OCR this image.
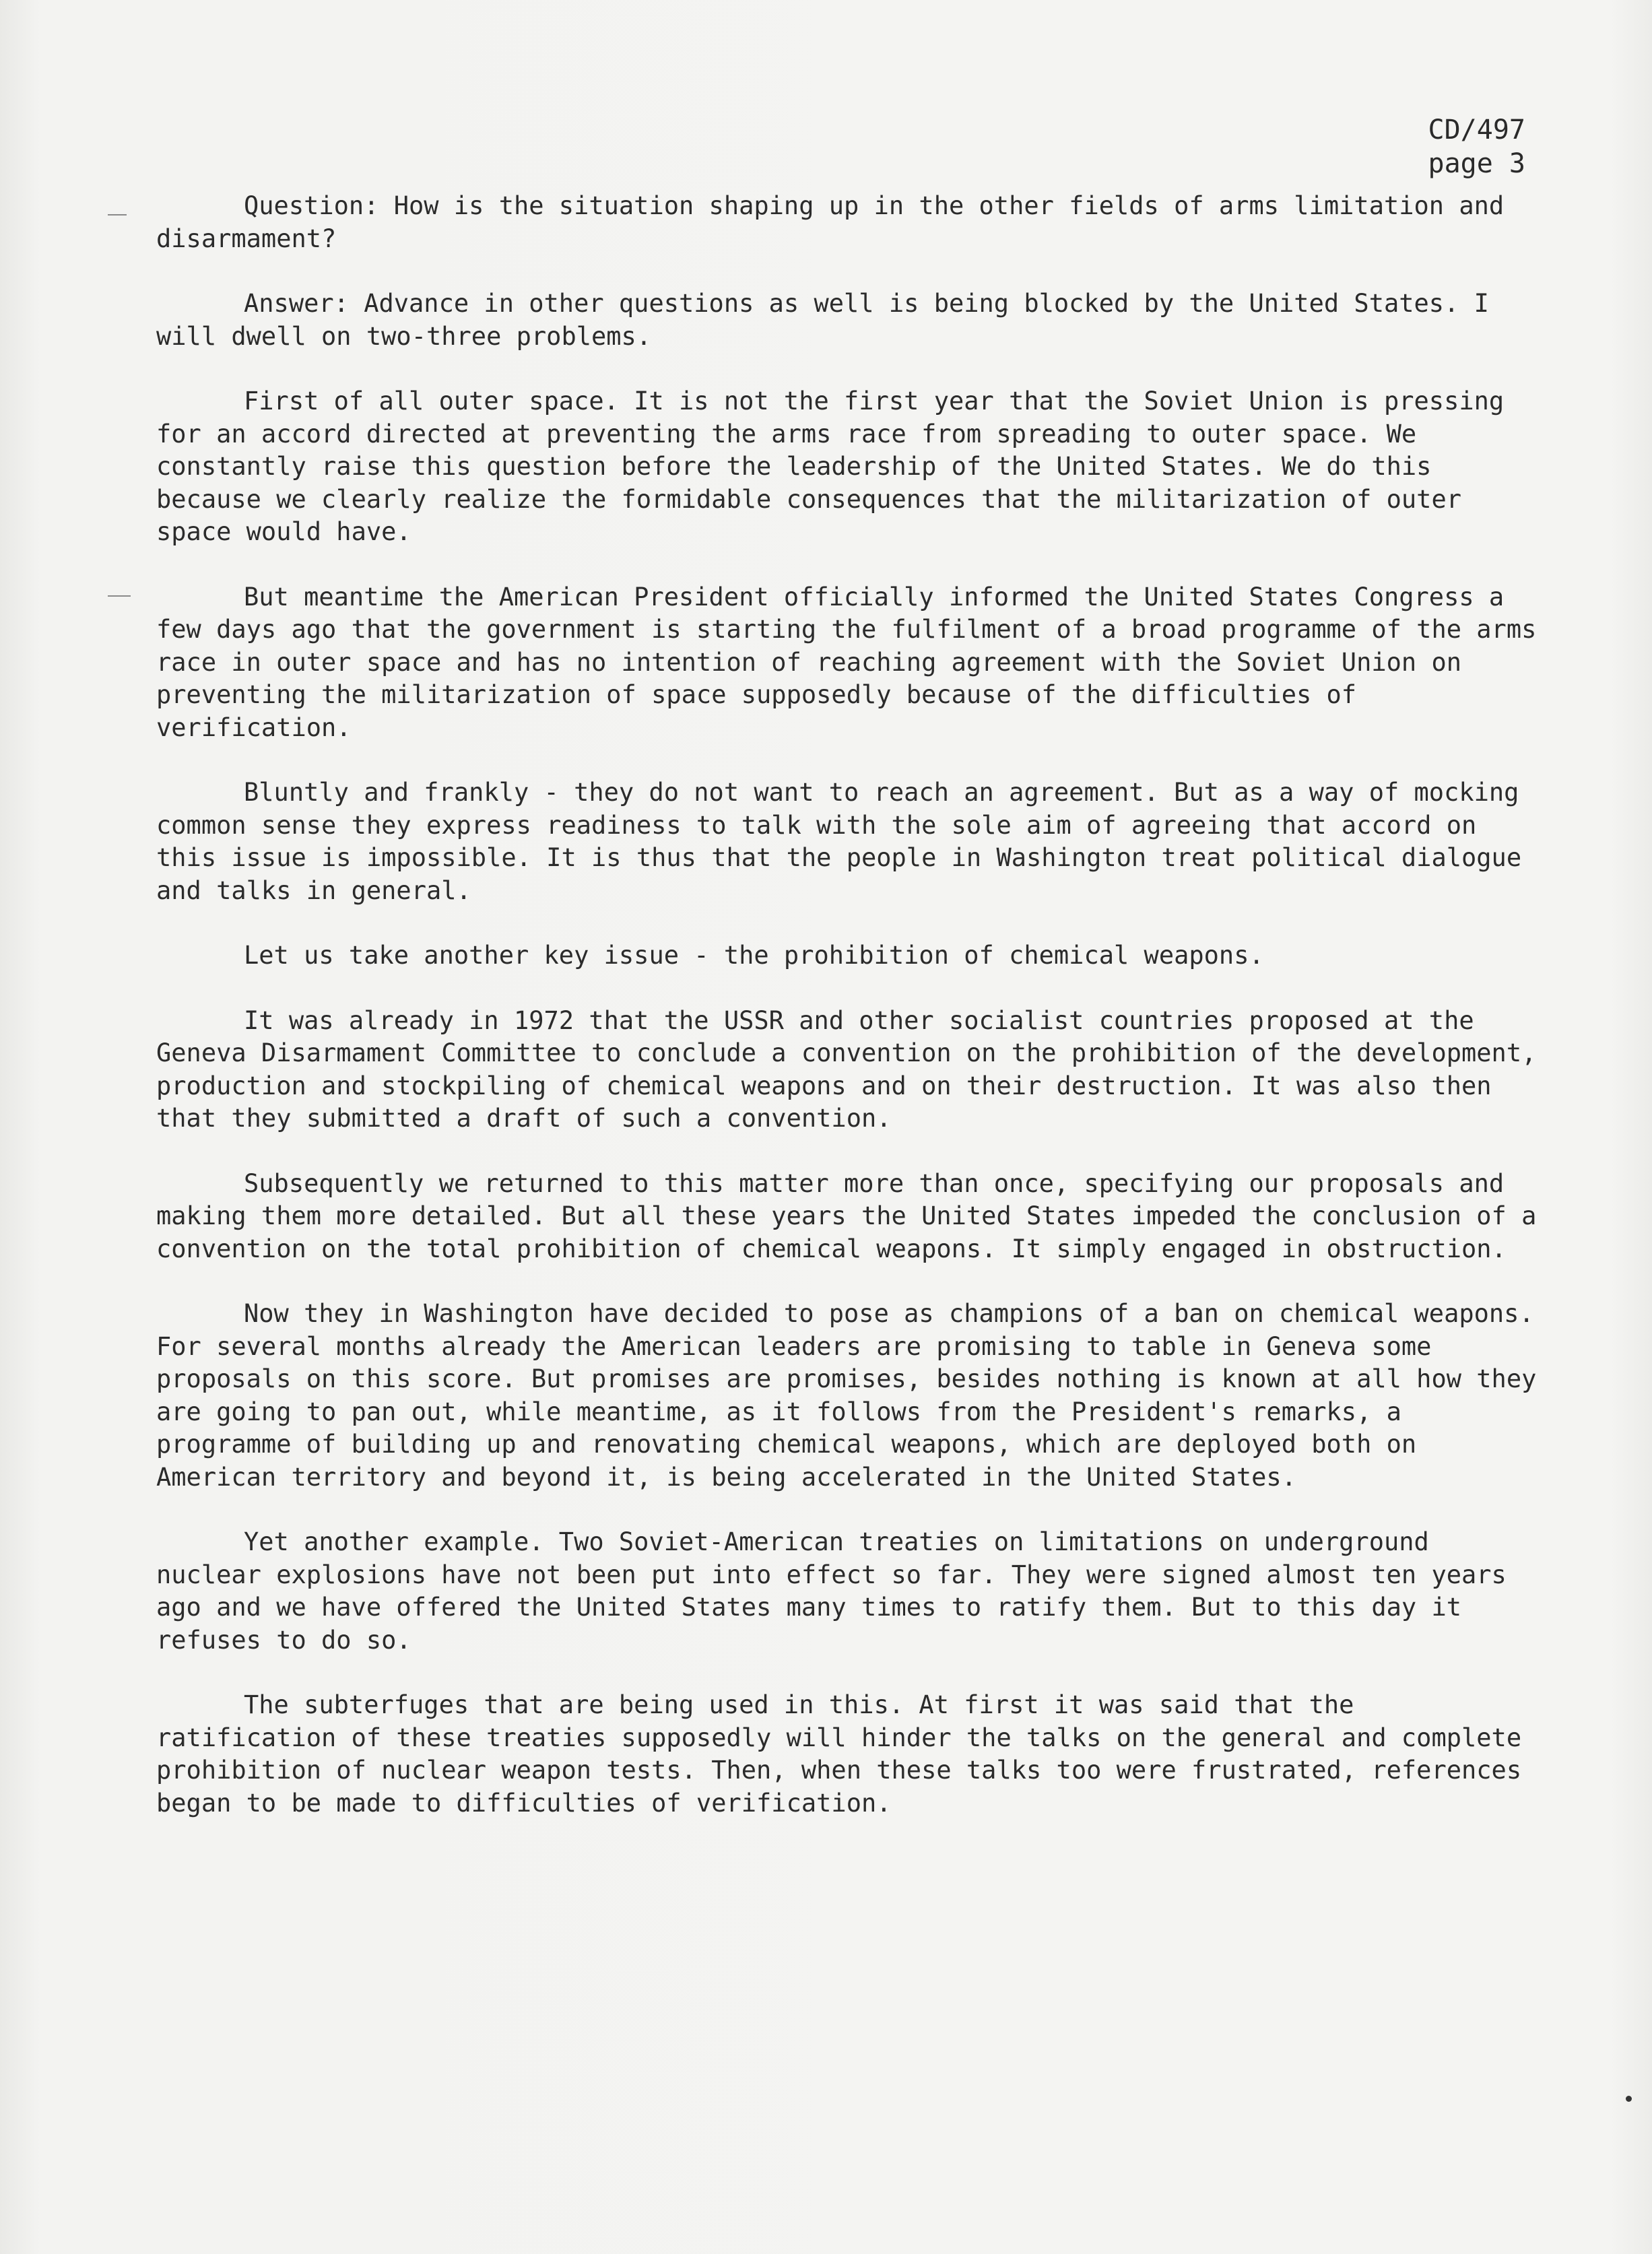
CD/497
page 3

Question: How is the situation shaping up in the other fields of arms limitation and disarmament?

Answer: Advance in other questions as well is being blocked by the United States. I will dwell on two-three problems.

First of all outer space. It is not the first year that the Soviet Union is pressing for an accord directed at preventing the arms race from spreading to outer space. We constantly raise this question before the leadership of the United States. We do this because we clearly realize the formidable consequences that the militarization of outer space would have.

But meantime the American President officially informed the United States Congress a few days ago that the government is starting the fulfilment of a broad programme of the arms race in outer space and has no intention of reaching agreement with the Soviet Union on preventing the militarization of space supposedly because of the difficulties of verification.

Bluntly and frankly - they do not want to reach an agreement. But as a way of mocking common sense they express readiness to talk with the sole aim of agreeing that accord on this issue is impossible. It is thus that the people in Washington treat political dialogue and talks in general.

Let us take another key issue - the prohibition of chemical weapons.

It was already in 1972 that the USSR and other socialist countries proposed at the Geneva Disarmament Committee to conclude a convention on the prohibition of the development, production and stockpiling of chemical weapons and on their destruction. It was also then that they submitted a draft of such a convention.

Subsequently we returned to this matter more than once, specifying our proposals and making them more detailed. But all these years the United States impeded the conclusion of a convention on the total prohibition of chemical weapons. It simply engaged in obstruction.

Now they in Washington have decided to pose as champions of a ban on chemical weapons. For several months already the American leaders are promising to table in Geneva some proposals on this score. But promises are promises, besides nothing is known at all how they are going to pan out, while meantime, as it follows from the President's remarks, a programme of building up and renovating chemical weapons, which are deployed both on American territory and beyond it, is being accelerated in the United States.

Yet another example. Two Soviet-American treaties on limitations on underground nuclear explosions have not been put into effect so far. They were signed almost ten years ago and we have offered the United States many times to ratify them. But to this day it refuses to do so.

The subterfuges that are being used in this. At first it was said that the ratification of these treaties supposedly will hinder the talks on the general and complete prohibition of nuclear weapon tests. Then, when these talks too were frustrated, references began to be made to difficulties of verification.
